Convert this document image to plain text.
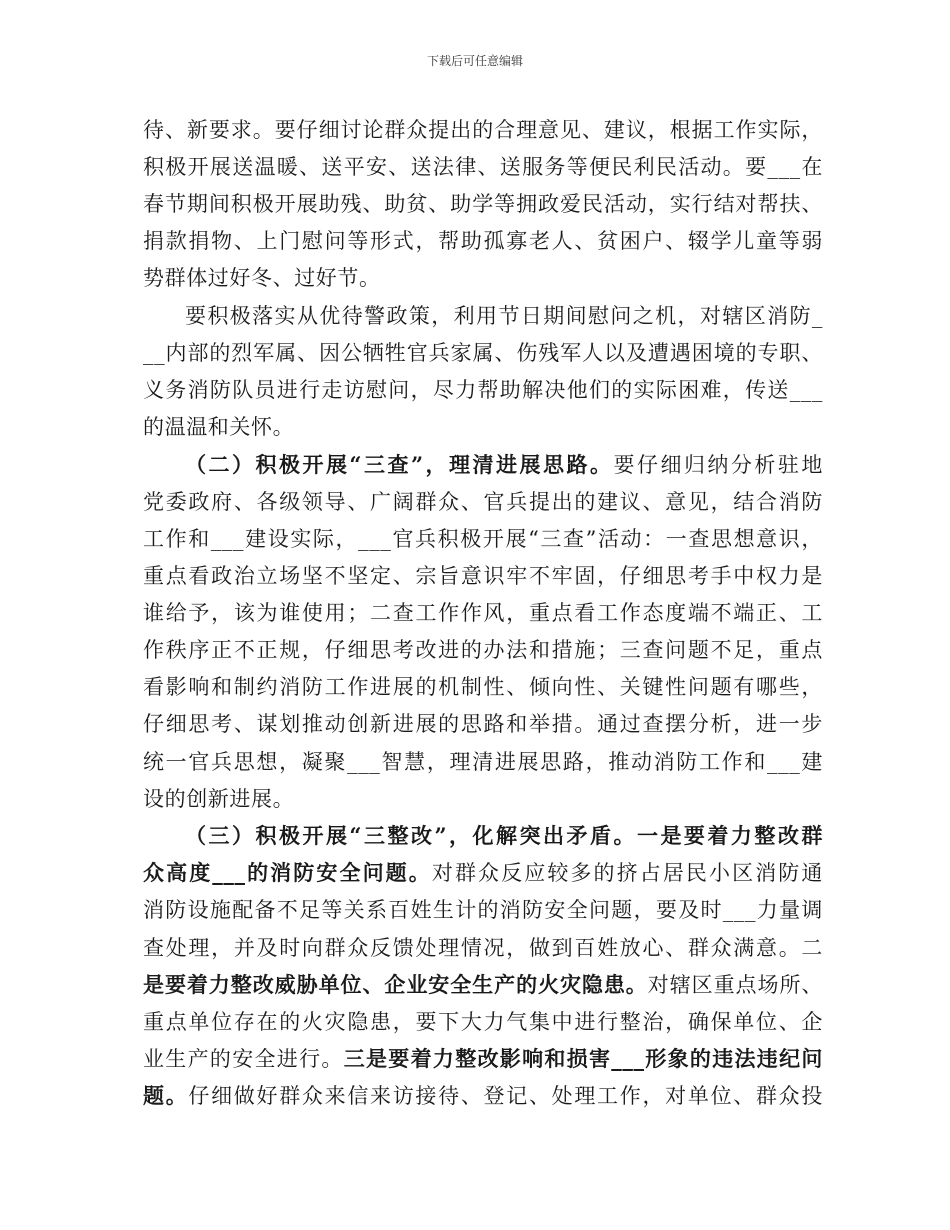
下载后可任意编辑
待、新要求。要仔细讨论群众提出的合理意见、建议，根据工作实际，
积极开展送温暖、送平安、送法律、送服务等便民利民活动。要___在
春节期间积极开展助残、助贫、助学等拥政爱民活动，实行结对帮扶、
捐款捐物、上门慰问等形式，帮助孤寡老人、贫困户、辍学儿童等弱
势群体过好冬、过好节。
要积极落实从优待警政策，利用节日期间慰问之机，对辖区消防_
__内部的烈军属、因公牺牲官兵家属、伤残军人以及遭遇困境的专职、
义务消防队员进行走访慰问，尽力帮助解决他们的实际困难，传送___
的温温和关怀。
（二）积极开展“三查”，理清进展思路。要仔细归纳分析驻地
党委政府、各级领导、广阔群众、官兵提出的建议、意见，结合消防
工作和___建设实际，___官兵积极开展“三查”活动：一查思想意识，
重点看政治立场坚不坚定、宗旨意识牢不牢固，仔细思考手中权力是
谁给予，该为谁使用；二查工作作风，重点看工作态度端不端正、工
作秩序正不正规，仔细思考改进的办法和措施；三查问题不足，重点
看影响和制约消防工作进展的机制性、倾向性、关键性问题有哪些，
仔细思考、谋划推动创新进展的思路和举措。通过查摆分析，进一步
统一官兵思想，凝聚___智慧，理清进展思路，推动消防工作和___建
设的创新进展。
（三）积极开展“三整改”，化解突出矛盾。一是要着力整改群
众高度___的消防安全问题。对群众反应较多的挤占居民小区消防通
消防设施配备不足等关系百姓生计的消防安全问题，要及时___力量调
查处理，并及时向群众反馈处理情况，做到百姓放心、群众满意。二
是要着力整改威胁单位、企业安全生产的火灾隐患。对辖区重点场所、
重点单位存在的火灾隐患，要下大力气集中进行整治，确保单位、企
业生产的安全进行。三是要着力整改影响和损害___形象的违法违纪问
题。仔细做好群众来信来访接待、登记、处理工作，对单位、群众投
